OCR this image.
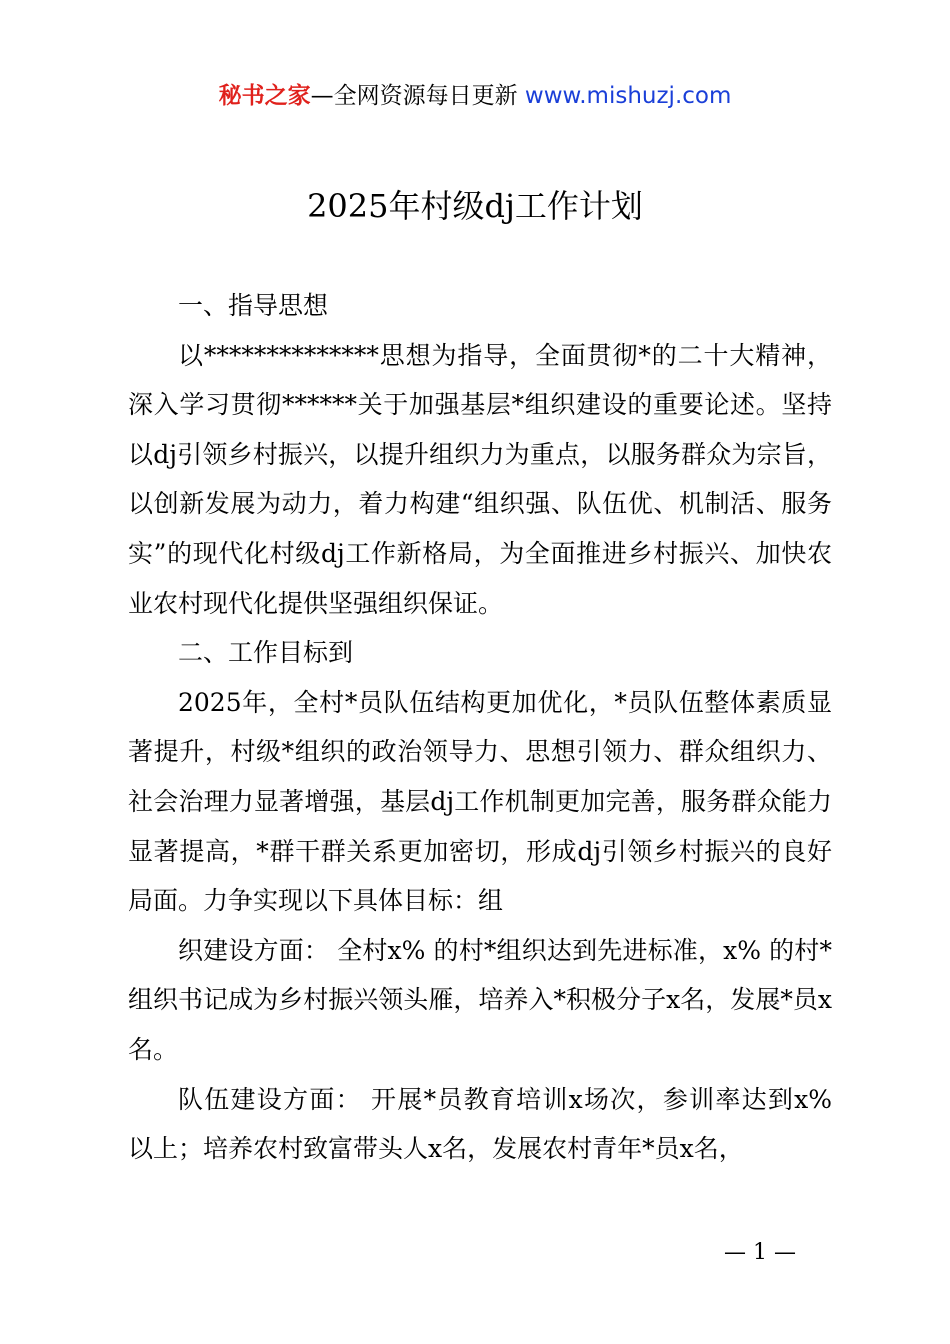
秘书之家—全网资源每日更新 www.mishuzj.com
2025年村级dj工作计划

一、指导思想

以**************思想为指导，全面贯彻*的二十大精神，深入学习贯彻******关于加强基层*组织建设的重要论述。坚持以dj引领乡村振兴，以提升组织力为重点，以服务群众为宗旨，以创新发展为动力，着力构建“组织强、队伍优、机制活、服务实”的现代化村级dj工作新格局，为全面推进乡村振兴、加快农业农村现代化提供坚强组织保证。

二、工作目标到

2025年，全村*员队伍结构更加优化，*员队伍整体素质显著提升，村级*组织的政治领导力、思想引领力、群众组织力、社会治理力显著增强，基层dj工作机制更加完善，服务群众能力显著提高，*群干群关系更加密切，形成dj引领乡村振兴的良好局面。力争实现以下具体目标：组

织建设方面： 全村x% 的村*组织达到先进标准，x% 的村*组织书记成为乡村振兴领头雁，培养入*积极分子x名，发展*员x名。

队伍建设方面： 开展*员教育培训x场次，参训率达到x% 以上；培养农村致富带头人x名，发展农村青年*员x名，

— 1 —
